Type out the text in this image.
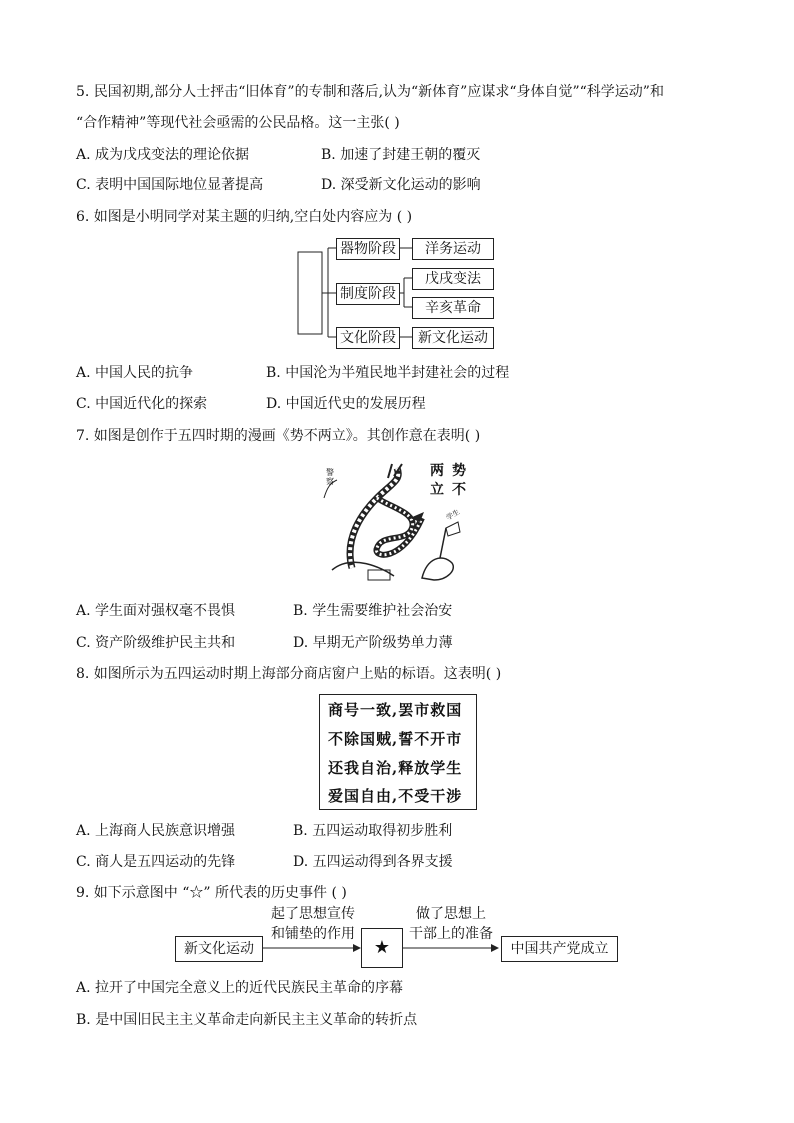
5. 民国初期,部分人士抨击“旧体育”的专制和落后,认为“新体育”应谋求“身体自觉”“科学运动”和
“合作精神”等现代社会亟需的公民品格。这一主张( )
A. 成为戊戌变法的理论依据	B. 加速了封建王朝的覆灭
C. 表明中国国际地位显著提高	D. 深受新文化运动的影响
6. 如图是小明同学对某主题的归纳,空白处内容应为 ( )
器物阶段
制度阶段
文化阶段
洋务运动
戊戌变法
辛亥革命
新文化运动
A. 中国人民的抗争	B. 中国沦为半殖民地半封建社会的过程
C. 中国近代化的探索	D. 中国近代史的发展历程
7. 如图是创作于五四时期的漫画《势不两立》。其创作意在表明( )
势不
两立
警察
学生
A. 学生面对强权毫不畏惧	B. 学生需要维护社会治安
C. 资产阶级维护民主共和	D. 早期无产阶级势单力薄
8. 如图所示为五四运动时期上海部分商店窗户上贴的标语。这表明( )
商号一致,罢市救国
不除国贼,誓不开市
还我自治,释放学生
爱国自由,不受干涉
A. 上海商人民族意识增强	B. 五四运动取得初步胜利
C. 商人是五四运动的先锋	D. 五四运动得到各界支援
9. 如下示意图中 “☆” 所代表的历史事件 ( )
新文化运动
起了思想宣传
和铺垫的作用
★
做了思想上
干部上的准备
中国共产党成立
A. 拉开了中国完全意义上的近代民族民主革命的序幕
B. 是中国旧民主主义革命走向新民主主义革命的转折点
